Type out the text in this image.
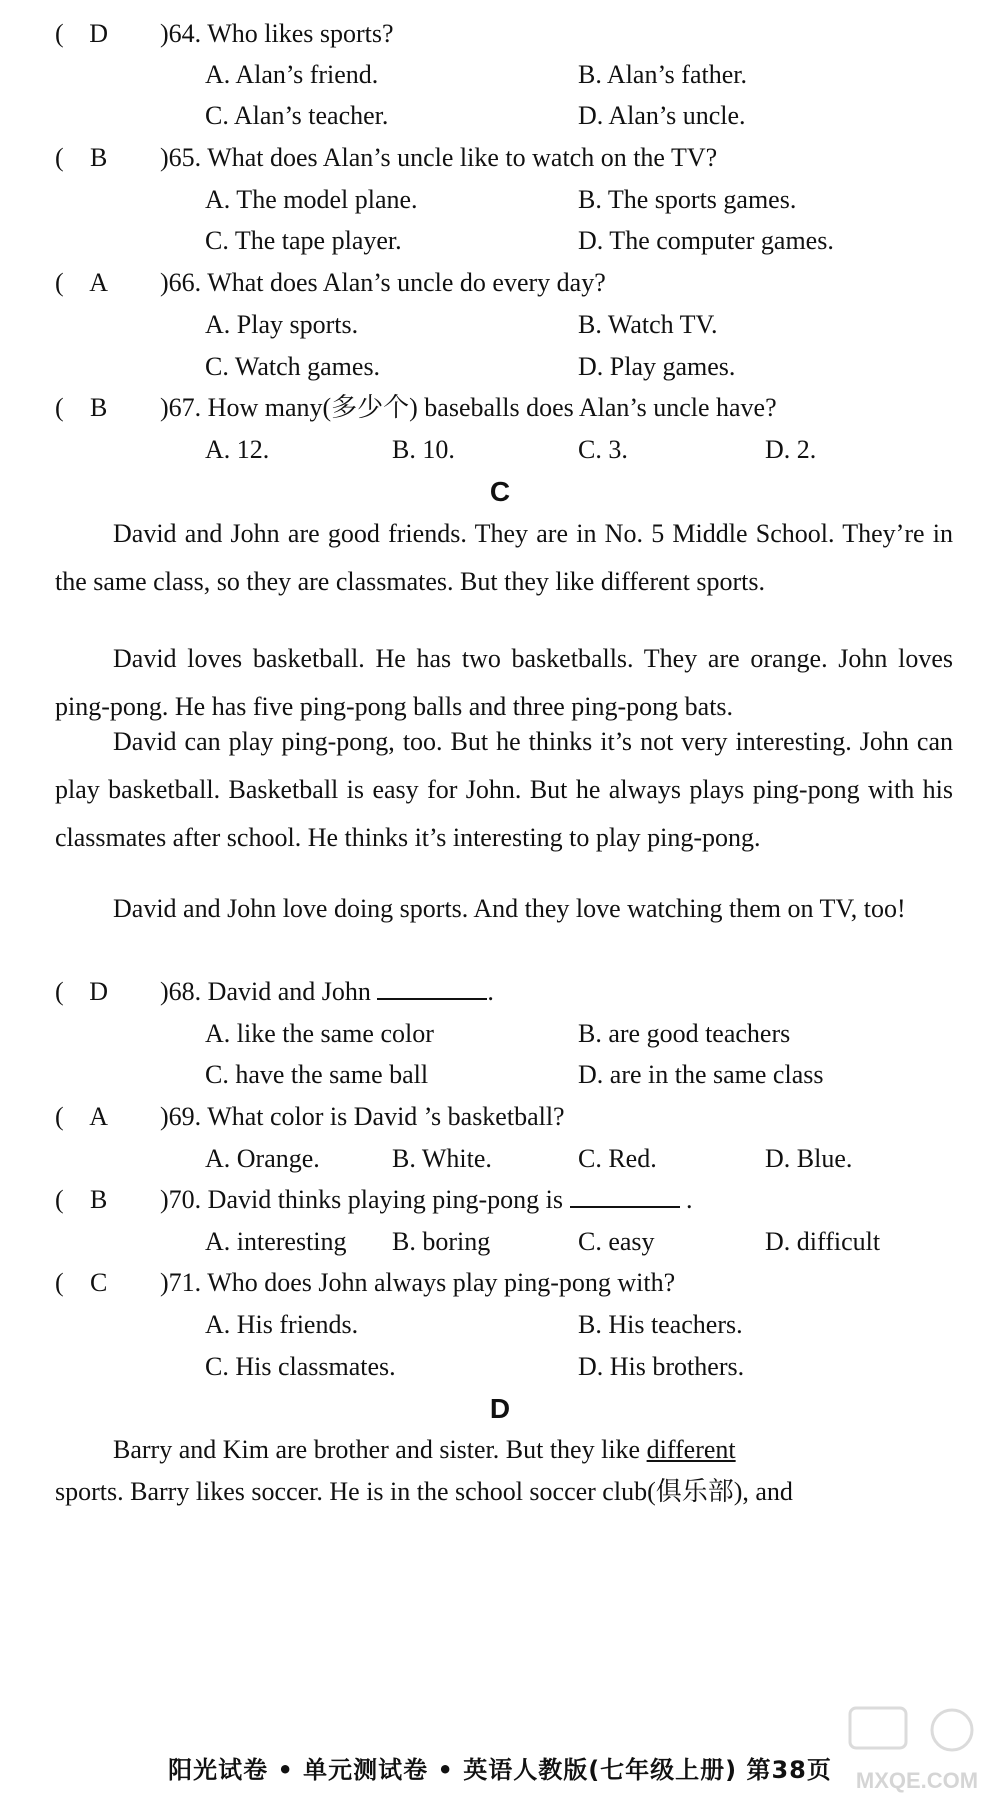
( D	)64. Who likes sports?
A. Alan’s friend.	B. Alan’s father.
C. Alan’s teacher.	D. Alan’s uncle.
( B	)65. What does Alan’s uncle like to watch on the TV?
A. The model plane.	B. The sports games.
C. The tape player.	D. The computer games.
( A	)66. What does Alan’s uncle do every day?
A. Play sports.	B. Watch TV.
C. Watch games.	D. Play games.
( B	)67. How many(多少个) baseballs does Alan’s uncle have?
A. 12.	B. 10.	C. 3.	D. 2.
C
David and John are good friends. They are in No. 5 Middle School. They’re in the same class, so they are classmates. But they like different sports.
David loves basketball. He has two basketballs. They are orange. John loves ping-pong. He has five ping-pong balls and three ping-pong bats.
David can play ping-pong, too. But he thinks it’s not very interesting. John can play basketball. Basketball is easy for John. But he always plays ping-pong with his classmates after school. He thinks it’s interesting to play ping-pong.
David and John love doing sports. And they love watching them on TV, too!
( D	)68. David and John	.
A. like the same color	B. are good teachers
C. have the same ball	D. are in the same class
( A	)69. What color is David ’s basketball?
A. Orange.	B. White.	C. Red.	D. Blue.
( B	)70. David thinks playing ping-pong is	.
A. interesting B. boring	C. easy	D. difficult
( C	)71. Who does John always play ping-pong with?
A. His friends.	B. His teachers.
C. His classmates.	D. His brothers.
D
Barry and Kim are brother and sister. But they like different
sports. Barry likes soccer. He is in the school soccer club(俱乐部), and
阳光试卷 • 单元测试卷 • 英语人教版(七年级上册) 第38页	MXQE.COM
